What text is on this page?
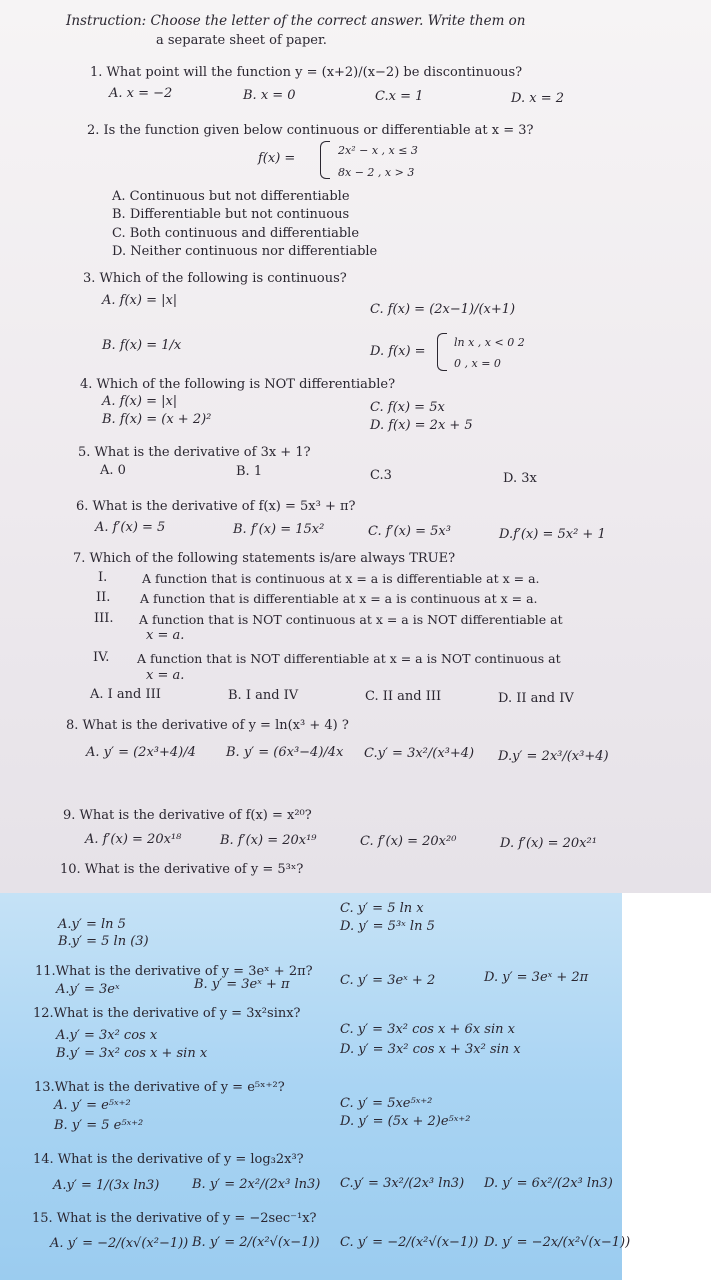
Instruction: Choose the letter of the correct answer. Write them on
a separate sheet of paper.
1. What point will the function y = (x+2)/(x−2) be discontinuous?
A. x = −2	B. x = 0	C.x = 1	D. x = 2
2. Is the function given below continuous or differentiable at x = 3?
f(x) =
2x² − x , x ≤ 3
8x − 2 , x > 3
A. Continuous but not differentiable
B. Differentiable but not continuous
C. Both continuous and differentiable
D. Neither continuous nor differentiable
3. Which of the following is continuous?
A. f(x) = |x|
C. f(x) = (2x−1)/(x+1)
B. f(x) = 1/x	D. f(x) =
ln x , x < 0 2
0 , x = 0
4. Which of the following is NOT differentiable?
A. f(x) = |x|	C. f(x) = 5x
B. f(x) = (x + 2)²	D. f(x) = 2x + 5
5. What is the derivative of 3x + 1?
A. 0	B. 1	C.3	D. 3x
6. What is the derivative of f(x) = 5x³ + π?
A. f′(x) = 5	B. f′(x) = 15x²	C. f′(x) = 5x³	D.f′(x) = 5x² + 1
7. Which of the following statements is/are always TRUE?
I.	A function that is continuous at x = a is differentiable at x = a.
II. A function that is differentiable at x = a is continuous at x = a.
III. A function that is NOT continuous at x = a is NOT differentiable at
x = a.
IV. A function that is NOT differentiable at x = a is NOT continuous at
x = a.
A. I and III	B. I and IV	C. II and III	D. II and IV
8. What is the derivative of y = ln(x³ + 4) ?
A. y′ = (2x³+4)/4 B. y′ = (6x³−4)/4x C.y′ = 3x²/(x³+4) D.y′ = 2x³/(x³+4)
9. What is the derivative of f(x) = x²⁰?
A. f′(x) = 20x¹⁸	B. f′(x) = 20x¹⁹	C. f′(x) = 20x²⁰	D. f′(x) = 20x²¹
10. What is the derivative of y = 5³ˣ?
C. y′ = 5 ln x
A.y′ = ln 5	D. y′ = 5³ˣ ln 5
B.y′ = 5 ln (3)
11.What is the derivative of y = 3eˣ + 2π?
A.y′ = 3eˣ	B. y′ = 3eˣ + π	C. y′ = 3eˣ + 2	D. y′ = 3eˣ + 2π
12.What is the derivative of y = 3x²sinx?
C. y′ = 3x² cos x + 6x sin x
A.y′ = 3x² cos x
D. y′ = 3x² cos x + 3x² sin x
B.y′ = 3x² cos x + sin x
13.What is the derivative of y = e⁵ˣ⁺²?
A. y′ = e⁵ˣ⁺²	C. y′ = 5xe⁵ˣ⁺²
B. y′ = 5 e⁵ˣ⁺²	D. y′ = (5x + 2)e⁵ˣ⁺²
14. What is the derivative of y = log₃2x³?
A.y′ = 1/(3x ln3)	B. y′ = 2x²/(2x³ ln3) C.y′ = 3x²/(2x³ ln3) D. y′ = 6x²/(2x³ ln3)
15. What is the derivative of y = −2sec⁻¹x?
A. y′ = −2/(x√(x²−1)) B. y′ = 2/(x²√(x−1)) C. y′ = −2/(x²√(x−1)) D. y′ = −2x/(x²√(x−1))
